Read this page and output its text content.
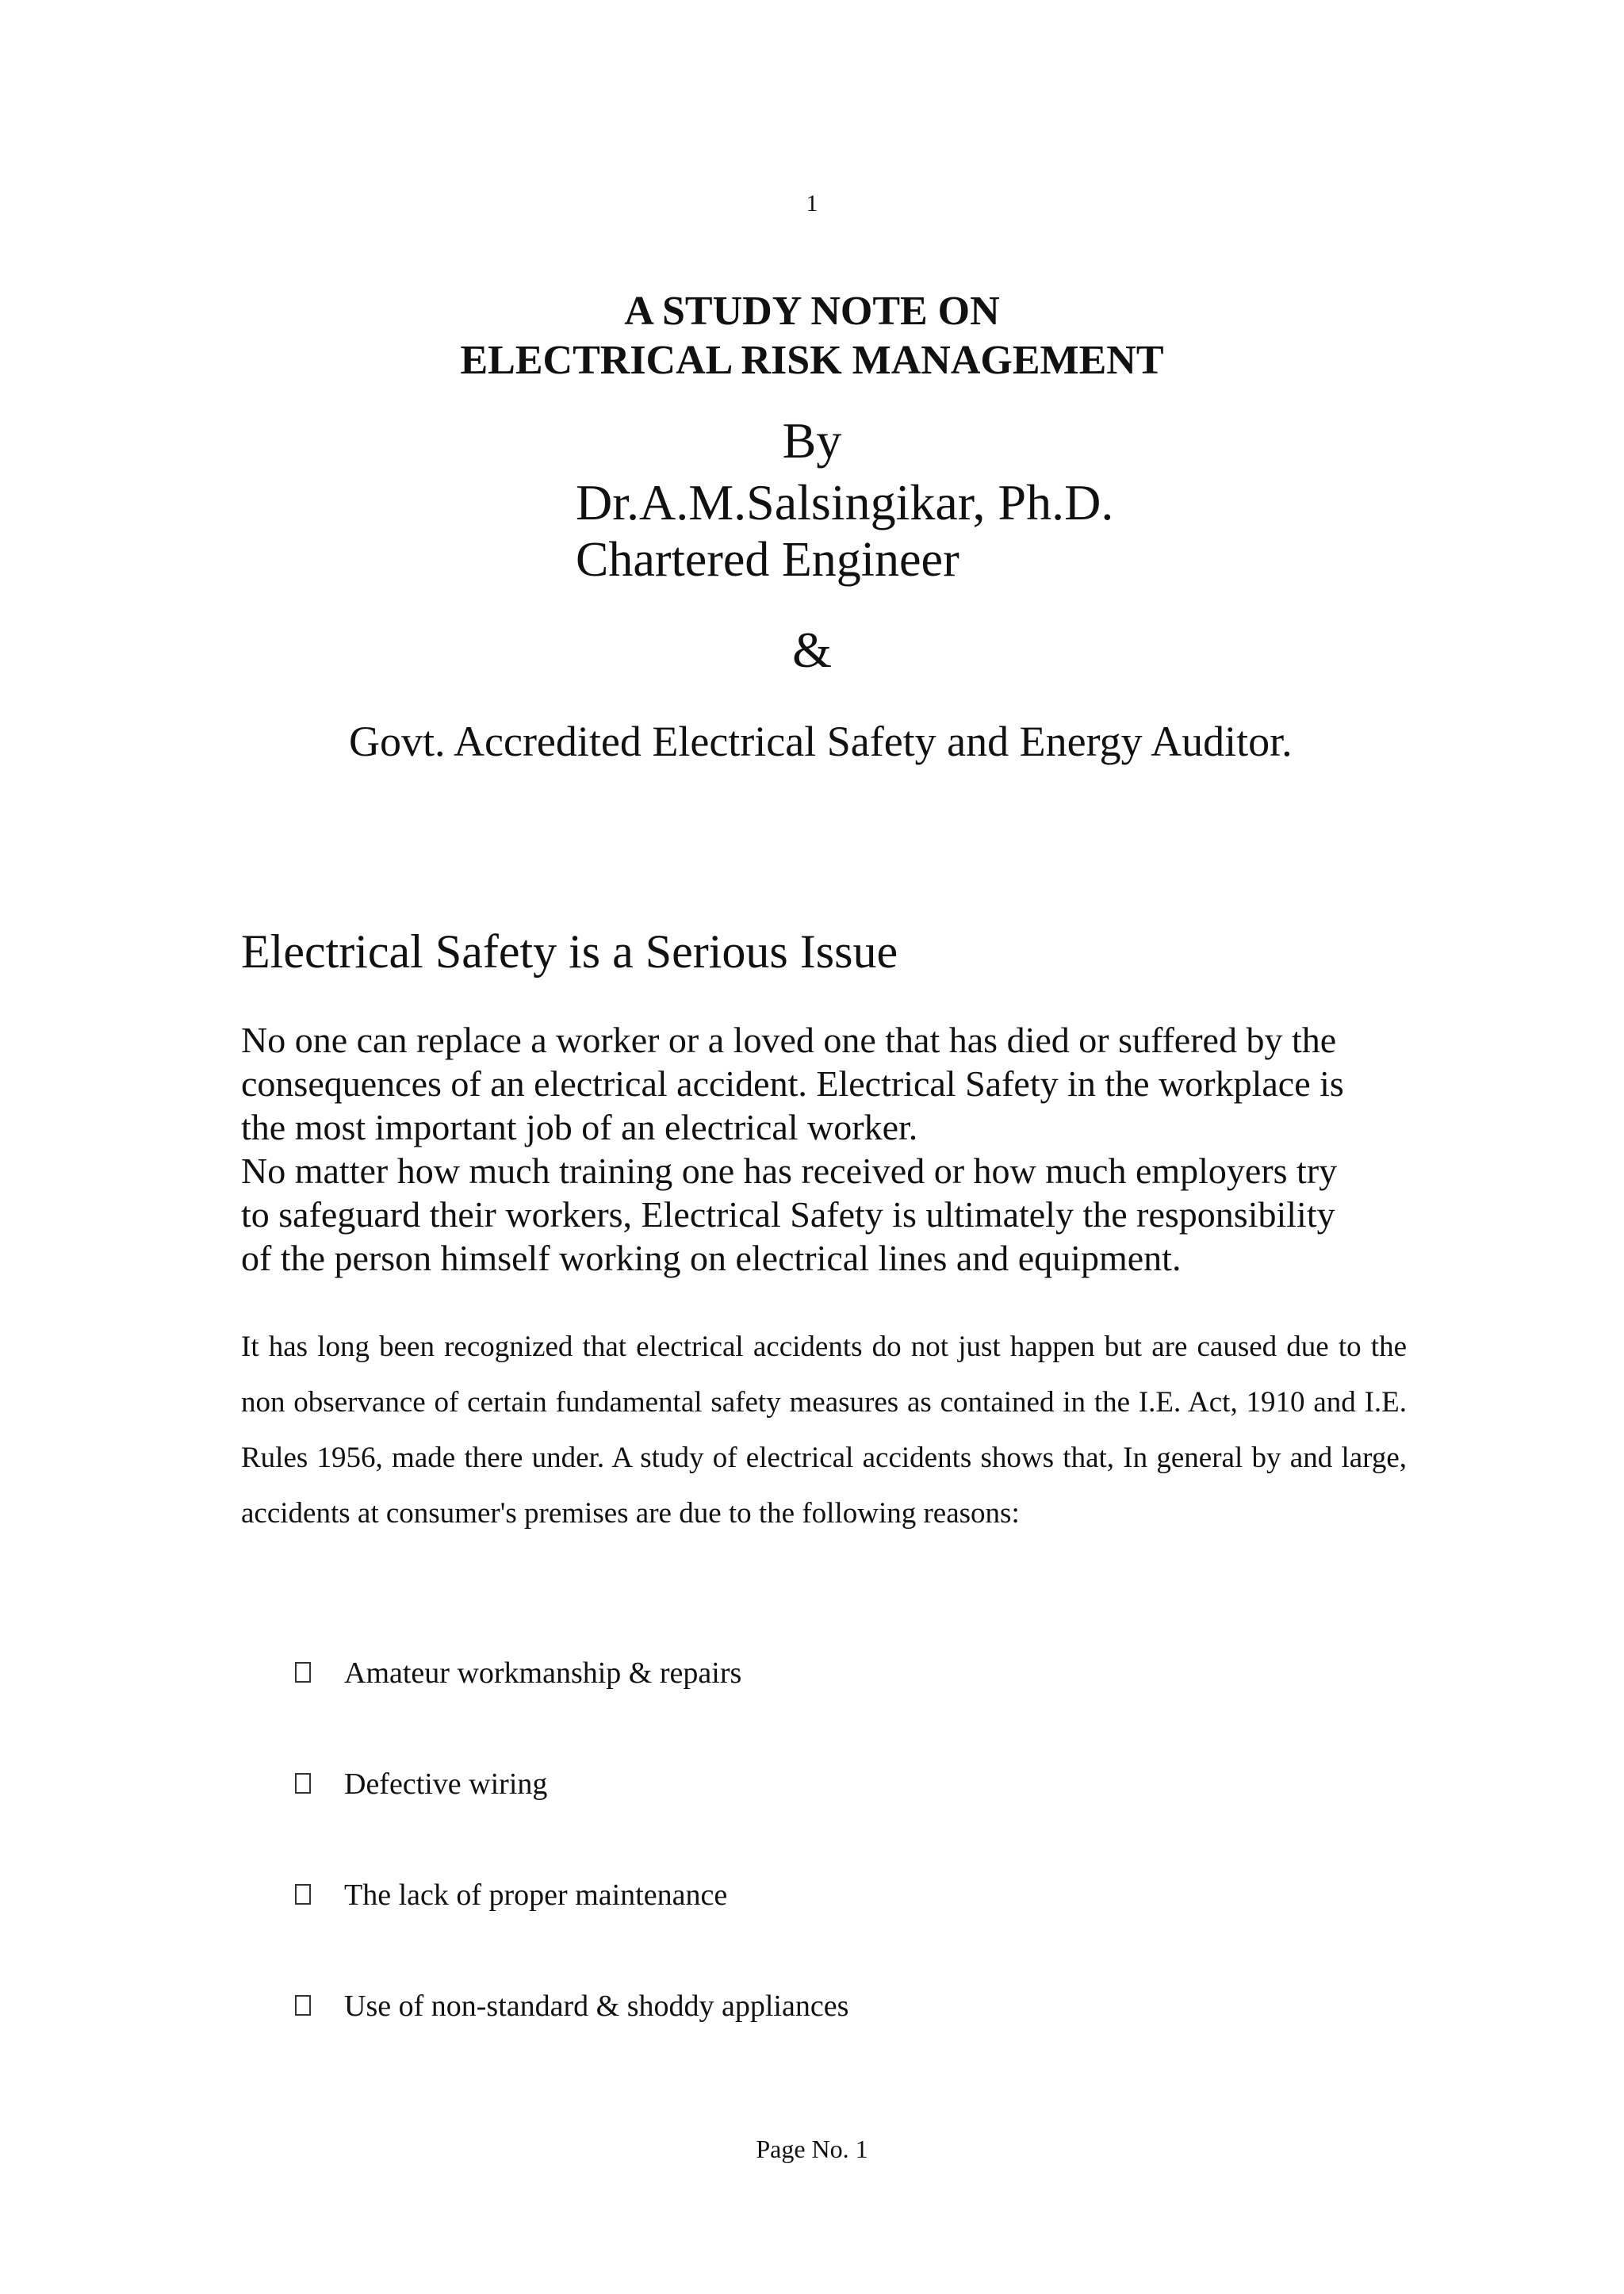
1
A STUDY NOTE ON
ELECTRICAL RISK MANAGEMENT
By
Dr.A.M.Salsingikar, Ph.D.
Chartered Engineer
&
Govt. Accredited Electrical Safety and Energy Auditor.
Electrical Safety is a Serious Issue

No one can replace a worker or a loved one that has died or suffered by the

consequences of an electrical accident. Electrical Safety in the workplace is

the most important job of an electrical worker.

No matter how much training one has received or how much employers try

to safeguard their workers, Electrical Safety is ultimately the responsibility

of the person himself working on electrical lines and equipment.

It has long been recognized that electrical accidents do not just happen but are caused due to the non observance of certain fundamental safety measures as contained in the I.E. Act, 1910 and I.E. Rules 1956, made there under. A study of electrical accidents shows that, In general by and large, accidents at consumer's premises are due to the following reasons:

Amateur workmanship & repairs
Defective wiring
The lack of proper maintenance
Use of non-standard & shoddy appliances
Page No. 1
